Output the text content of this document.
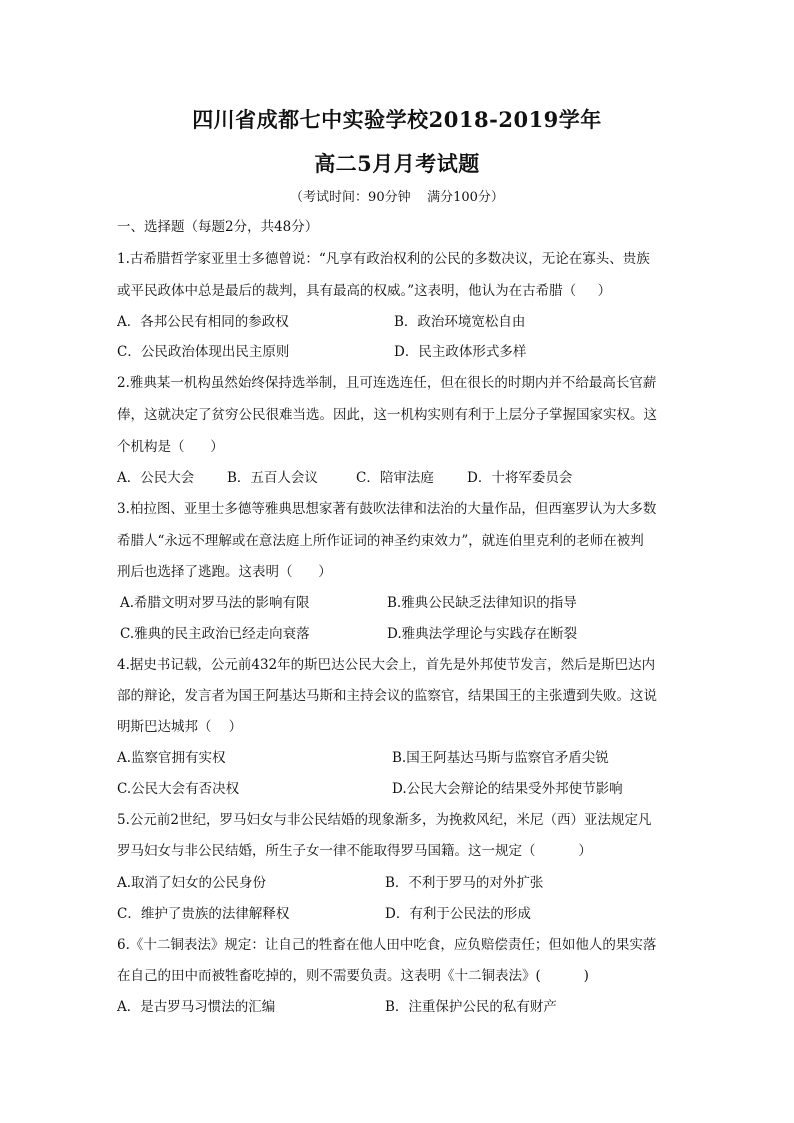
四川省成都七中实验学校2018-2019学年
高二5月月考试题
（考试时间：90分钟    满分100分）
一、选择题（每题2分，共48分）
1.古希腊哲学家亚里士多德曾说：“凡享有政治权利的公民的多数决议，无论在寡头、贵族
或平民政体中总是最后的裁判，具有最高的权威。”这表明，他认为在古希腊（     ）
A．各邦公民有相同的参政权	B．政治环境宽松自由
C．公民政治体现出民主原则	D．民主政体形式多样
2.雅典某一机构虽然始终保持选举制，且可连选连任，但在很长的时期内并不给最高长官薪
俸，这就决定了贫穷公民很难当选。因此，这一机构实则有利于上层分子掌握国家实权。这
个机构是（      ）
A．公民大会 B．五百人会议	C．陪审法庭 D．十将军委员会
3.柏拉图、亚里士多德等雅典思想家著有鼓吹法律和法治的大量作品，但西塞罗认为大多数
希腊人“永远不理解或在意法庭上所作证词的神圣约束效力”，就连伯里克利的老师在被判
刑后也选择了逃跑。这表明（      ）
A.希腊文明对罗马法的影响有限	B.雅典公民缺乏法律知识的指导
C.雅典的民主政治已经走向衰落	D.雅典法学理论与实践存在断裂
4.据史书记载，公元前432年的斯巴达公民大会上，首先是外邦使节发言，然后是斯巴达内
部的辩论，发言者为国王阿基达马斯和主持会议的监察官，结果国王的主张遭到失败。这说
明斯巴达城邦（    ）
A.监察官拥有实权	B.国王阿基达马斯与监察官矛盾尖锐
C.公民大会有否决权	D.公民大会辩论的结果受外邦使节影响
5.公元前2世纪，罗马妇女与非公民结婚的现象渐多，为挽救风纪，米尼（西）亚法规定凡
罗马妇女与非公民结婚，所生子女一律不能取得罗马国籍。这一规定（          ）
A.取消了妇女的公民身份	B．不利于罗马的对外扩张
C．维护了贵族的法律解释权	D．有利于公民法的形成
6.《十二铜表法》规定：让自己的牲畜在他人田中吃食，应负赔偿责任；但如他人的果实落
在自己的田中而被牲畜吃掉的，则不需要负责。这表明《十二铜表法》(          )
A．是古罗马习惯法的汇编	B．注重保护公民的私有财产
